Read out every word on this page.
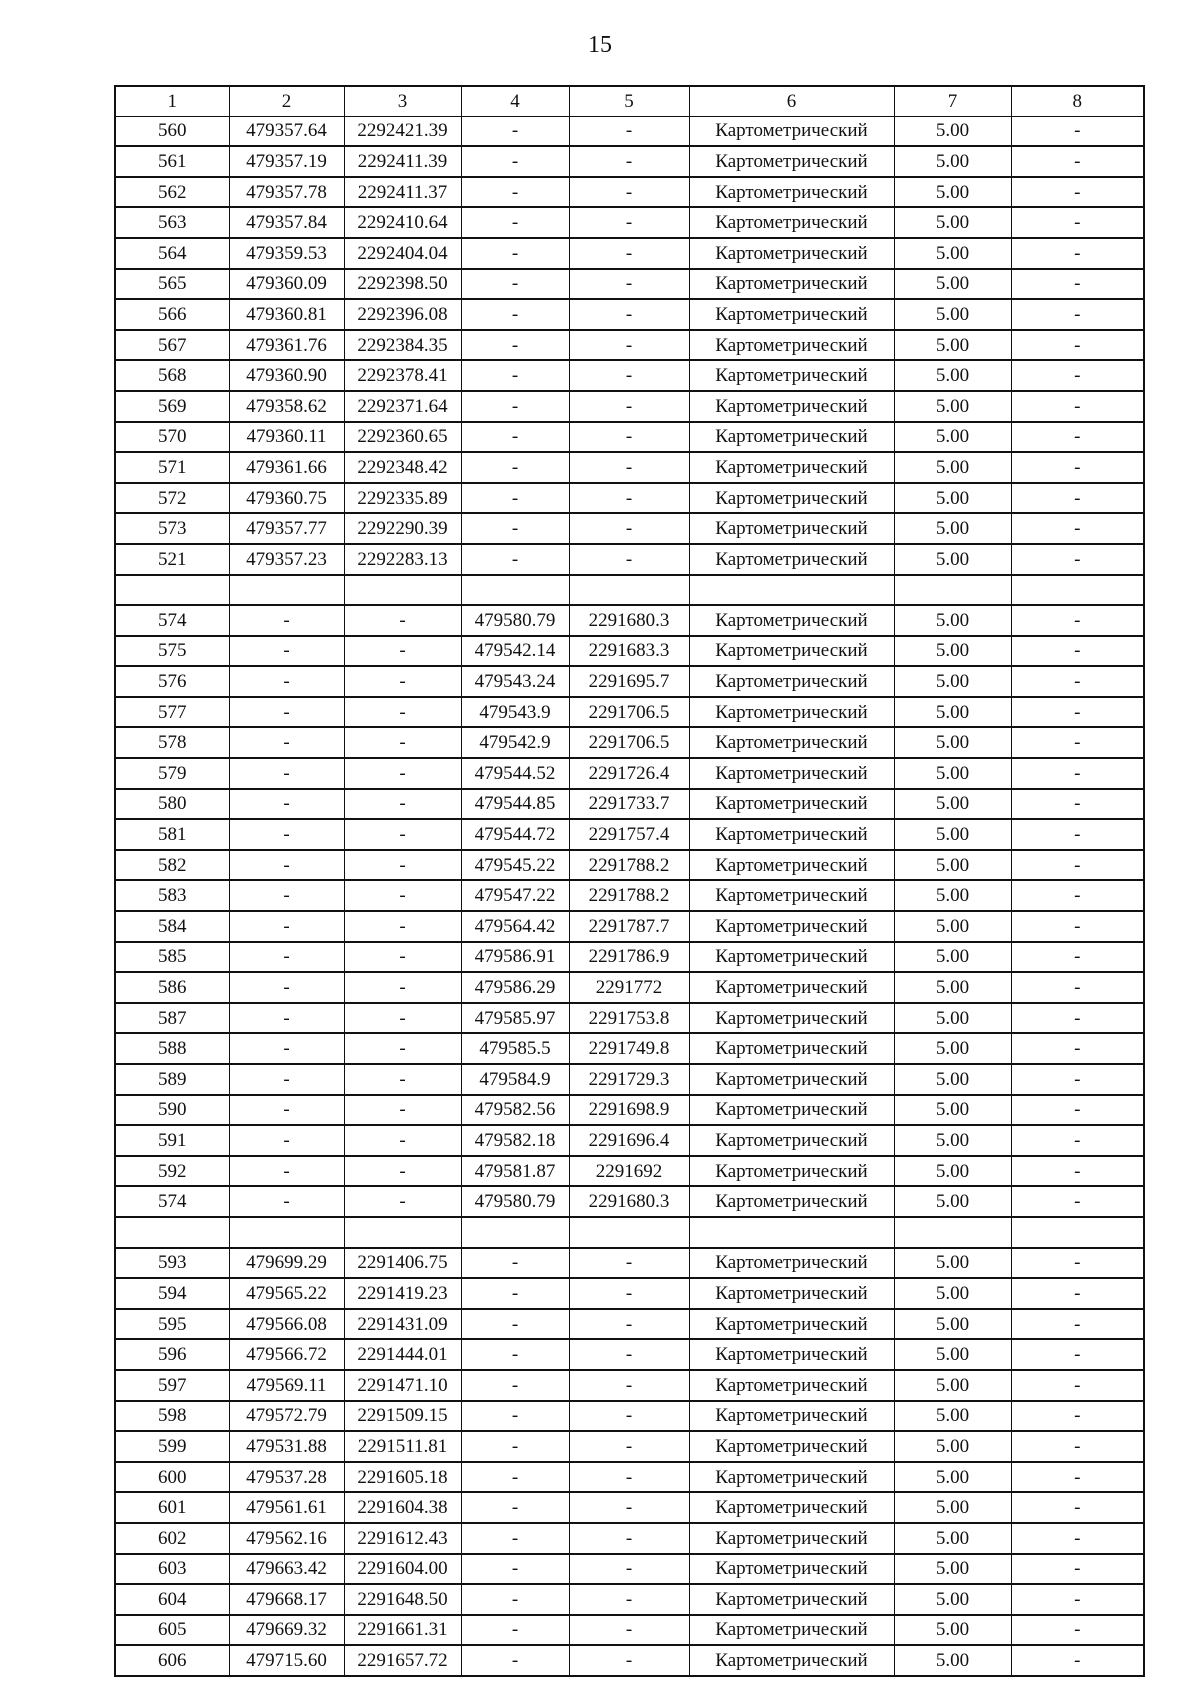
15
1	2	3	4	5	6	7	8
560	479357.64	2292421.39	-	-	Картометрический	5.00	-
561	479357.19	2292411.39	-	-	Картометрический	5.00	-
562	479357.78	2292411.37	-	-	Картометрический	5.00	-
563	479357.84	2292410.64	-	-	Картометрический	5.00	-
564	479359.53	2292404.04	-	-	Картометрический	5.00	-
565	479360.09	2292398.50	-	-	Картометрический	5.00	-
566	479360.81	2292396.08	-	-	Картометрический	5.00	-
567	479361.76	2292384.35	-	-	Картометрический	5.00	-
568	479360.90	2292378.41	-	-	Картометрический	5.00	-
569	479358.62	2292371.64	-	-	Картометрический	5.00	-
570	479360.11	2292360.65	-	-	Картометрический	5.00	-
571	479361.66	2292348.42	-	-	Картометрический	5.00	-
572	479360.75	2292335.89	-	-	Картометрический	5.00	-
573	479357.77	2292290.39	-	-	Картометрический	5.00	-
521	479357.23	2292283.13	-	-	Картометрический	5.00	-

574	-	-	479580.79	2291680.3	Картометрический	5.00	-
575	-	-	479542.14	2291683.3	Картометрический	5.00	-
576	-	-	479543.24	2291695.7	Картометрический	5.00	-
577	-	-	479543.9	2291706.5	Картометрический	5.00	-
578	-	-	479542.9	2291706.5	Картометрический	5.00	-
579	-	-	479544.52	2291726.4	Картометрический	5.00	-
580	-	-	479544.85	2291733.7	Картометрический	5.00	-
581	-	-	479544.72	2291757.4	Картометрический	5.00	-
582	-	-	479545.22	2291788.2	Картометрический	5.00	-
583	-	-	479547.22	2291788.2	Картометрический	5.00	-
584	-	-	479564.42	2291787.7	Картометрический	5.00	-
585	-	-	479586.91	2291786.9	Картометрический	5.00	-
586	-	-	479586.29	2291772	Картометрический	5.00	-
587	-	-	479585.97	2291753.8	Картометрический	5.00	-
588	-	-	479585.5	2291749.8	Картометрический	5.00	-
589	-	-	479584.9	2291729.3	Картометрический	5.00	-
590	-	-	479582.56	2291698.9	Картометрический	5.00	-
591	-	-	479582.18	2291696.4	Картометрический	5.00	-
592	-	-	479581.87	2291692	Картометрический	5.00	-
574	-	-	479580.79	2291680.3	Картометрический	5.00	-

593	479699.29	2291406.75	-	-	Картометрический	5.00	-
594	479565.22	2291419.23	-	-	Картометрический	5.00	-
595	479566.08	2291431.09	-	-	Картометрический	5.00	-
596	479566.72	2291444.01	-	-	Картометрический	5.00	-
597	479569.11	2291471.10	-	-	Картометрический	5.00	-
598	479572.79	2291509.15	-	-	Картометрический	5.00	-
599	479531.88	2291511.81	-	-	Картометрический	5.00	-
600	479537.28	2291605.18	-	-	Картометрический	5.00	-
601	479561.61	2291604.38	-	-	Картометрический	5.00	-
602	479562.16	2291612.43	-	-	Картометрический	5.00	-
603	479663.42	2291604.00	-	-	Картометрический	5.00	-
604	479668.17	2291648.50	-	-	Картометрический	5.00	-
605	479669.32	2291661.31	-	-	Картометрический	5.00	-
606	479715.60	2291657.72	-	-	Картометрический	5.00	-
